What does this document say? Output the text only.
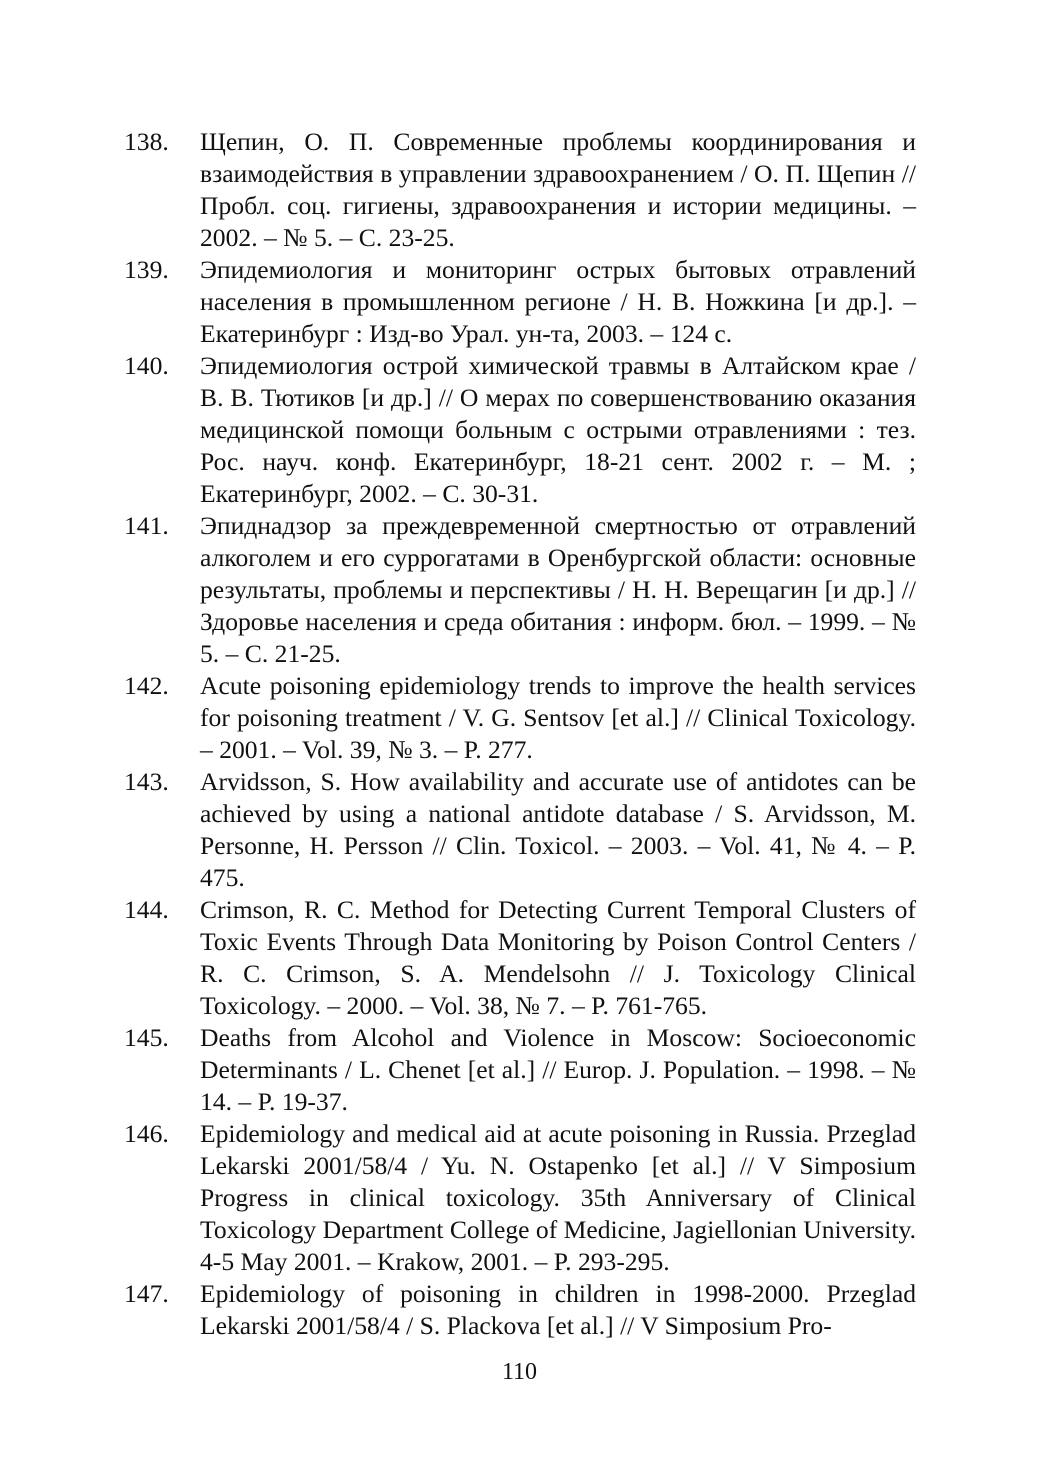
138.	Щепин, О. П. Современные проблемы координирования и взаимодействия в управлении здравоохранением / О. П. Щепин // Пробл. соц. гигиены, здравоохранения и истории медицины. – 2002. – № 5. – С. 23-25.
139.	Эпидемиология и мониторинг острых бытовых отравлений населения в промышленном регионе / Н. В. Ножкина [и др.]. – Екатеринбург : Изд-во Урал. ун-та, 2003. – 124 с.
140.	Эпидемиология острой химической травмы в Алтайском крае / В. В. Тютиков [и др.] // О мерах по совершенствованию оказания медицинской помощи больным с острыми отравлениями : тез. Рос. науч. конф. Екатеринбург, 18-21 сент. 2002 г. – М. ; Екатеринбург, 2002. – С. 30-31.
141.	Эпиднадзор за преждевременной смертностью от отравлений алкоголем и его суррогатами в Оренбургской области: основные результаты, проблемы и перспективы / Н. Н. Верещагин [и др.] // Здоровье населения и среда обитания : информ. бюл. – 1999. – № 5. – С. 21-25.
142.	Acute poisoning epidemiology trends to improve the health services for poisoning treatment / V. G. Sentsov [et al.] // Clinical Toxicology. – 2001. – Vol. 39, № 3. – P. 277.
143.	Arvidsson, S. How availability and accurate use of antidotes can be achieved by using a national antidote database / S. Arvidsson, M. Personne, H. Persson // Clin. Toxicol. – 2003. – Vol. 41, № 4. – P. 475.
144.	Crimson, R. C. Method for Detecting Current Temporal Clusters of Toxic Events Through Data Monitoring by Poison Control Centers / R. C. Crimson, S. A. Mendelsohn // J. Toxicology Clinical Toxicology. – 2000. – Vol. 38, № 7. – P. 761-765.
145.	Deaths from Alcohol and Violence in Moscow: Socioeconomic Determinants / L. Chenet [et al.] // Europ. J. Population. – 1998. – № 14. – P. 19-37.
146.	Epidemiology and medical aid at acute poisoning in Russia. Przeglad Lekarski 2001/58/4 / Yu. N. Ostapenko [et al.] // V Simposium Progress in clinical toxicology. 35th Anniversary of Clinical Toxicology Department College of Medicine, Jagiellonian University. 4-5 May 2001. – Krakow, 2001. – P. 293-295.
147.	Epidemiology of poisoning in children in 1998-2000. Przeglad Lekarski 2001/58/4 / S. Plackova [et al.] // V Simposium Pro-
110
